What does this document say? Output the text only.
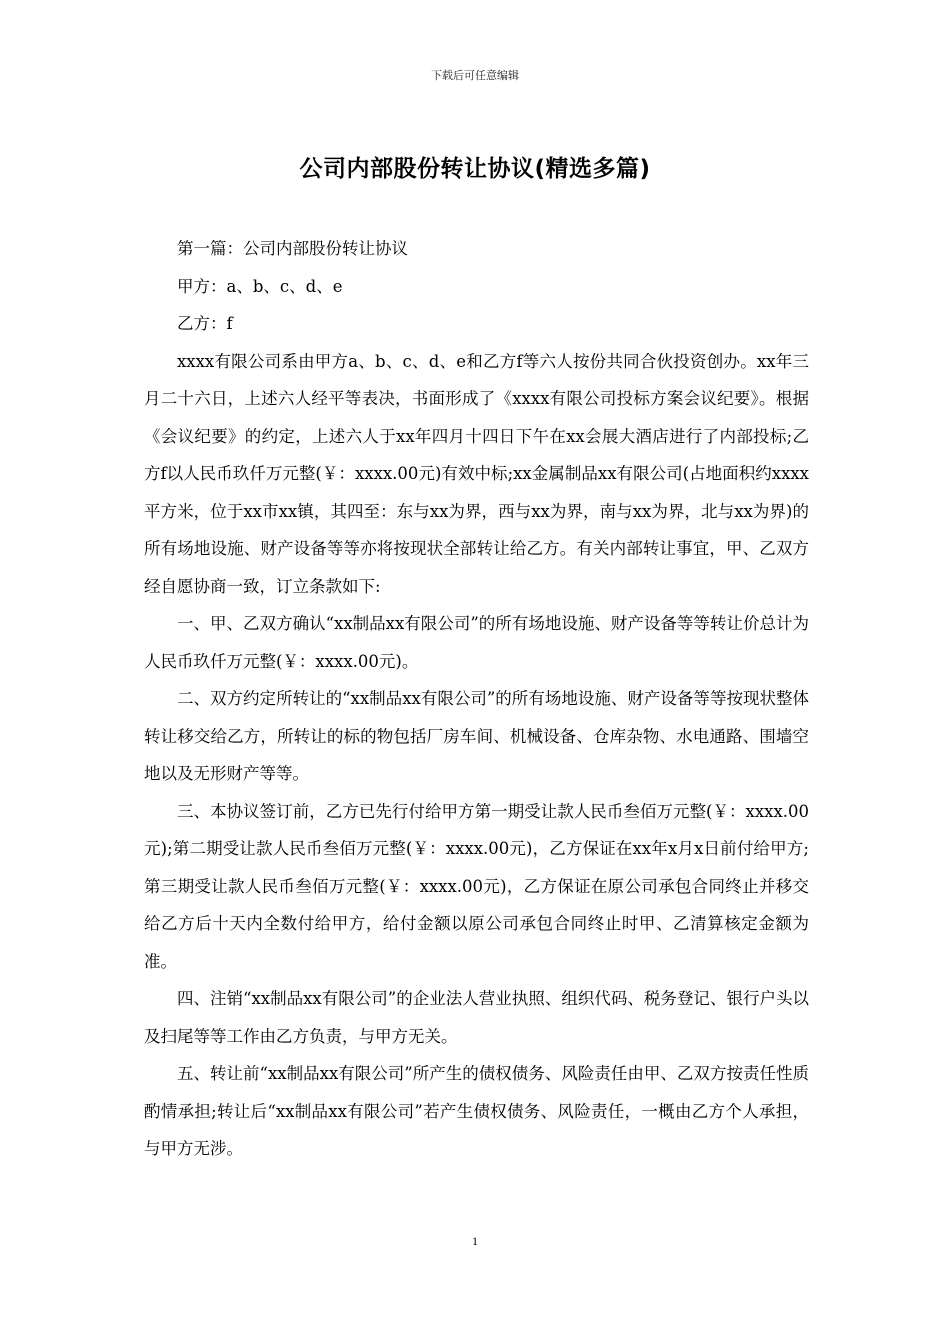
下载后可任意编辑
公司内部股份转让协议(精选多篇)

第一篇：公司内部股份转让协议

甲方：a、b、c、d、e

乙方：f

xxxx有限公司系由甲方a、b、c、d、e和乙方f等六人按份共同合伙投资创办。xx年三月二十六日，上述六人经平等表决，书面形成了《xxxx有限公司投标方案会议纪要》。根据《会议纪要》的约定，上述六人于xx年四月十四日下午在xx会展大酒店进行了内部投标;乙方f以人民币玖仟万元整(￥：xxxx.00元)有效中标;xx金属制品xx有限公司(占地面积约xxxx平方米，位于xx市xx镇，其四至：东与xx为界，西与xx为界，南与xx为界，北与xx为界)的所有场地设施、财产设备等等亦将按现状全部转让给乙方。有关内部转让事宜，甲、乙双方经自愿协商一致，订立条款如下:

一、甲、乙双方确认“xx制品xx有限公司”的所有场地设施、财产设备等等转让价总计为人民币玖仟万元整(￥：xxxx.00元)。

二、双方约定所转让的“xx制品xx有限公司”的所有场地设施、财产设备等等按现状整体转让移交给乙方，所转让的标的物包括厂房车间、机械设备、仓库杂物、水电通路、围墙空地以及无形财产等等。

三、本协议签订前，乙方已先行付给甲方第一期受让款人民币叁佰万元整(￥：xxxx.00元);第二期受让款人民币叁佰万元整(￥：xxxx.00元)，乙方保证在xx年x月x日前付给甲方;第三期受让款人民币叁佰万元整(￥：xxxx.00元)，乙方保证在原公司承包合同终止并移交给乙方后十天内全数付给甲方，给付金额以原公司承包合同终止时甲、乙清算核定金额为准。

四、注销“xx制品xx有限公司”的企业法人营业执照、组织代码、税务登记、银行户头以及扫尾等等工作由乙方负责，与甲方无关。

五、转让前“xx制品xx有限公司”所产生的债权债务、风险责任由甲、乙双方按责任性质酌情承担;转让后“xx制品xx有限公司”若产生债权债务、风险责任，一概由乙方个人承担，与甲方无涉。

1
